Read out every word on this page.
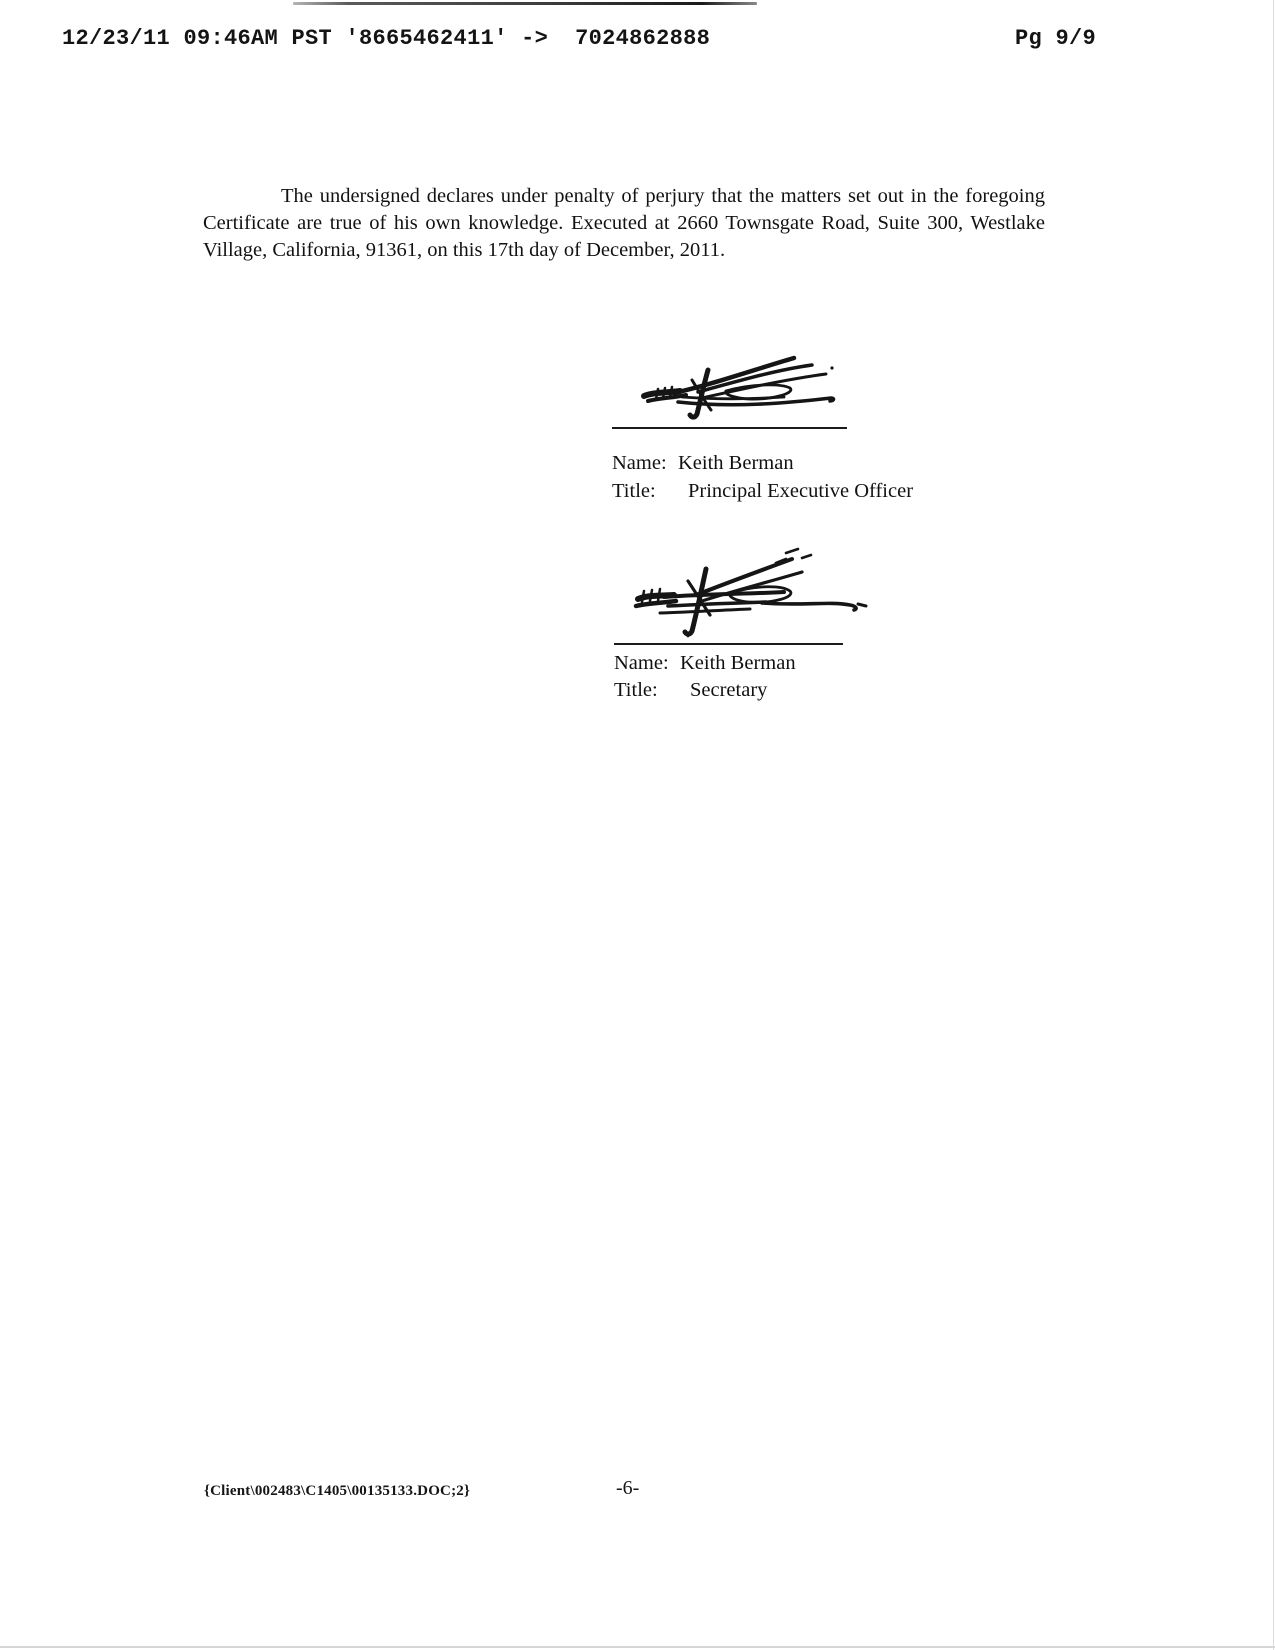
12/23/11 09:46AM PST '8665462411' ->  7024862888	Pg 9/9

The undersigned declares under penalty of perjury that the matters set out in the foregoing Certificate are true of his own knowledge. Executed at 2660 Townsgate Road, Suite 300, Westlake Village, California, 91361, on this 17th day of December, 2011.

Name: Keith Berman
Title: Principal Executive Officer
Name: Keith Berman
Title: Secretary
{Client\002483\C1405\00135133.DOC;2}	-6-
